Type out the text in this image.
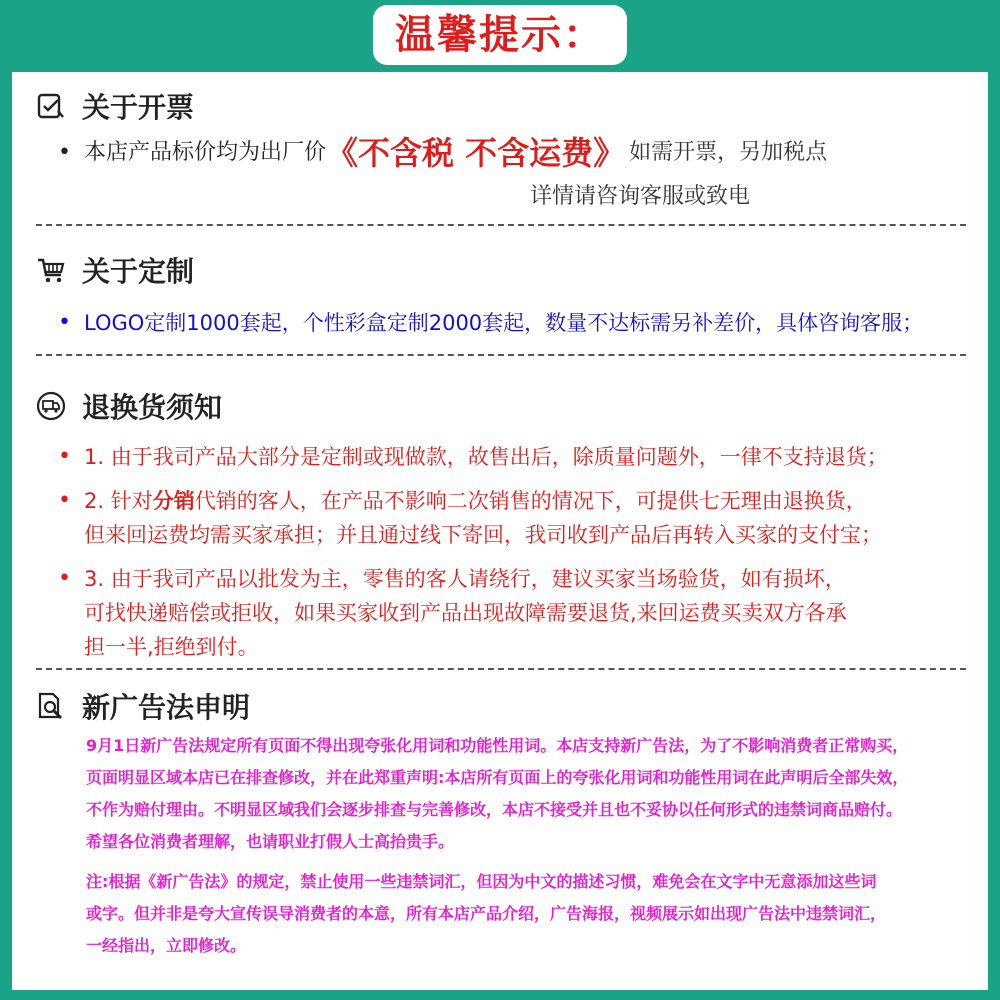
温馨提示：
关于开票
• 本店产品标价均为出厂价 《不含税 不含运费》 如需开票，另加税点
详情请咨询客服或致电
关于定制
• LOGO定制1000套起，个性彩盒定制2000套起，数量不达标需另补差价，具体咨询客服；
退换货须知
• 1. 由于我司产品大部分是定制或现做款，故售出后，除质量问题外，一律不支持退货；
• 2. 针对分销代销的客人，在产品不影响二次销售的情况下，可提供七无理由退换货，
但来回运费均需买家承担；并且通过线下寄回，我司收到产品后再转入买家的支付宝；
• 3. 由于我司产品以批发为主，零售的客人请绕行，建议买家当场验货，如有损坏，
可找快递赔偿或拒收，如果买家收到产品出现故障需要退货,来回运费买卖双方各承
担一半,拒绝到付。
新广告法申明
9月1日新广告法规定所有页面不得出现夸张化用词和功能性用词。本店支持新广告法，为了不影响消费者正常购买，
页面明显区域本店已在排查修改，并在此郑重声明:本店所有页面上的夸张化用词和功能性用词在此声明后全部失效，
不作为赔付理由。不明显区域我们会逐步排查与完善修改，本店不接受并且也不妥协以任何形式的违禁词商品赔付。
希望各位消费者理解，也请职业打假人士高抬贵手。
注:根据《新广告法》的规定，禁止使用一些违禁词汇，但因为中文的描述习惯，难免会在文字中无意添加这些词
或字。但并非是夸大宣传误导消费者的本意，所有本店产品介绍，广告海报，视频展示如出现广告法中违禁词汇，
一经指出，立即修改。
